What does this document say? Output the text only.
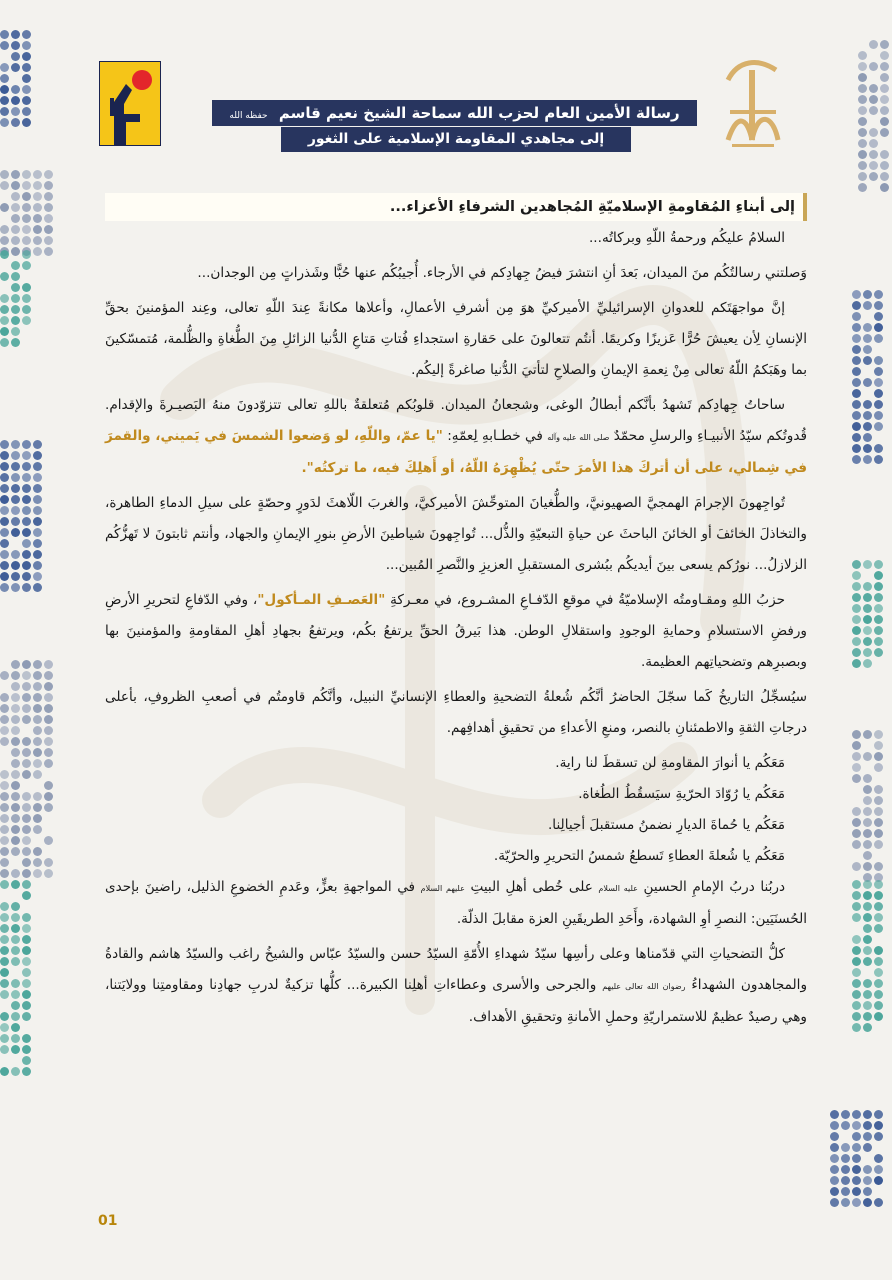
رسالة الأمين العام لحزب الله سماحة الشيخ نعيم قاسم حفظه الله
إلى مجاهدي المقاومة الإسلامية على الثغور
إلى أبناءِ المُقاومةِ الإسلاميّةِ المُجاهدين الشرفاءِ الأعزاء...
السلامُ عليكُم ورحمةُ اللّهِ وبركاتُه...
وَصلتني رسالتُكُم منَ الميدان، بَعدَ أنِ انتشرَ فيضُ جِهادِكم في الأرجاء. أُجيبُكُم عنها حُبًّا وشَذراتٍ مِن الوجدان...
إنَّ مواجهَتَكم للعدوانِ الإسرائيليِّ الأميركيِّ هوَ مِن أشرفِ الأعمالِ، وأعلاها مكانةً عِندَ اللّهِ تعالى، وعِند المؤمنينَ بحقِّ الإنسانِ لِأن يعيشَ حُرًّا عَزيزًا وكريمًا. أنتُم تتعالونَ على حَقارةِ استجداءِ فُتاتِ مَتاعِ الدُّنيا الزائلِ مِنَ الطُّغاةِ والظُّلمة، مُتمسّكينَ بما وهَبَكمُ اللّهُ تعالى مِنْ نِعمةِ الإيمانِ والصلاحِ لتأتيَ الدُّنيا صاغرةً إليكُم.
ساحاتُ جِهادِكم تَشهدُ بأنَّكم أبطالُ الوغى، وشجعانُ الميدان. قلوبُكم مُتعلقةٌ باللهِ تعالى تتزوّدونَ منهُ البَصيـرةَ والإقدام. قُدوتُكم سيّدُ الأنبيـاءِ والرسلِ محمّدٌ صلى الله عليه وآله في خطـابهِ لِعمّهِ: "يا عمّ، واللّهِ، لو وَضعوا الشمسَ في يَميني، والقمرَ في شِمالي، على أن أتركَ هذا الأمرَ حتّى يُظْهِرَهُ اللّهُ، أو أَهلِكَ فيه، ما تركتُه".
تُواجِهونَ الإجرامَ الهمجيَّ الصهيونيَّ، والطُّغيانَ المتوحِّشَ الأميركيَّ، والغربَ اللّاهثَ لدَورٍ وحصّةٍ على سيلِ الدماءِ الطاهرة، والتخاذلَ الخائفَ أو الخائنَ الباحثَ عن حياةِ التبعيّةِ والذُّل... تُواجِهونَ شياطينَ الأرضِ بنورِ الإيمانِ والجهاد، وأنتم ثابتونَ لا تَهزُّكُم الزلازلُ... نورُكم يسعى بينَ أيديكُم ببُشرى المستقبلِ العزيزِ والنَّصرِ المُبين...
حزبُ اللهِ ومقـاومتُه الإسلاميّةُ في موقعِ الدّفـاعِ المشـروع، في معـركةِ "العَصـفِ المـأكول"، وفي الدّفاعِ لتحريرِ الأرضِ ورفضِ الاستسلامِ وحمايةِ الوجودِ واستقلالِ الوطن. هذا بَيرقُ الحقِّ يرتفعُ بكُم، ويرتفعُ بجهادِ أهلِ المقاومةِ والمؤمنينَ بها وبصبرِهم وتضحياتِهم العظيمة.
سيُسجِّلُ التاريخُ كَما سجّلَ الحاضرُ أنَّكُم شُعلةُ التضحيةِ والعطاءِ الإنسانيِّ النبيل، وأنَّكُم قاومتُم في أصعبِ الظروفِ، بأعلى درجاتِ الثقةِ والاطمئنانِ بالنصر، ومنعِ الأعداءِ من تحقيقِ أهدافِهم.
مَعَكُم يا أنوارَ المقاومةِ لن تسقطَ لنا راية.
مَعَكُم يا رُوّادَ الحرّيةِ سيَسقُطُ الطُغاة.
مَعَكُم يا حُماةَ الديارِ نضمنُ مستقبلَ أجيالِنا.
مَعَكُم يا شُعلةَ العطاءِ تَسطعُ شمسُ التحريرِ والحرّيّة.
دربُنا دربُ الإمامِ الحسينِ عليه السلام على خُطى أهلِ البيتِ عليهم السلام في المواجهةِ بعزٍّ، وعَدمِ الخضوعِ الذليل، راضينَ بإحدى الحُسنَيَين: النصرِ أوِ الشهادة، وأَحَدِ الطريقَينِ العزة مقابلَ الذلّة.
كلُّ التضحياتِ التي قدّمناها وعلى رأسِها سيّدُ شهداءِ الأُمّةِ السيّدُ حسن والسيّدُ عبّاس والشيخُ راغب والسيّدُ هاشم والقادةُ والمجاهدون الشهداءُ رضوان الله تعالى عليهم والجرحى والأسرى وعطاءاتِ أهلِنا الكبيرة... كلُّها تزكيةٌ لدربِ جهادِنا ومقاومتِنا وولايَتنا، وهي رصيدٌ عظيمٌ للاستمراريّةِ وحملِ الأمانةِ وتحقيقِ الأهداف.
01
